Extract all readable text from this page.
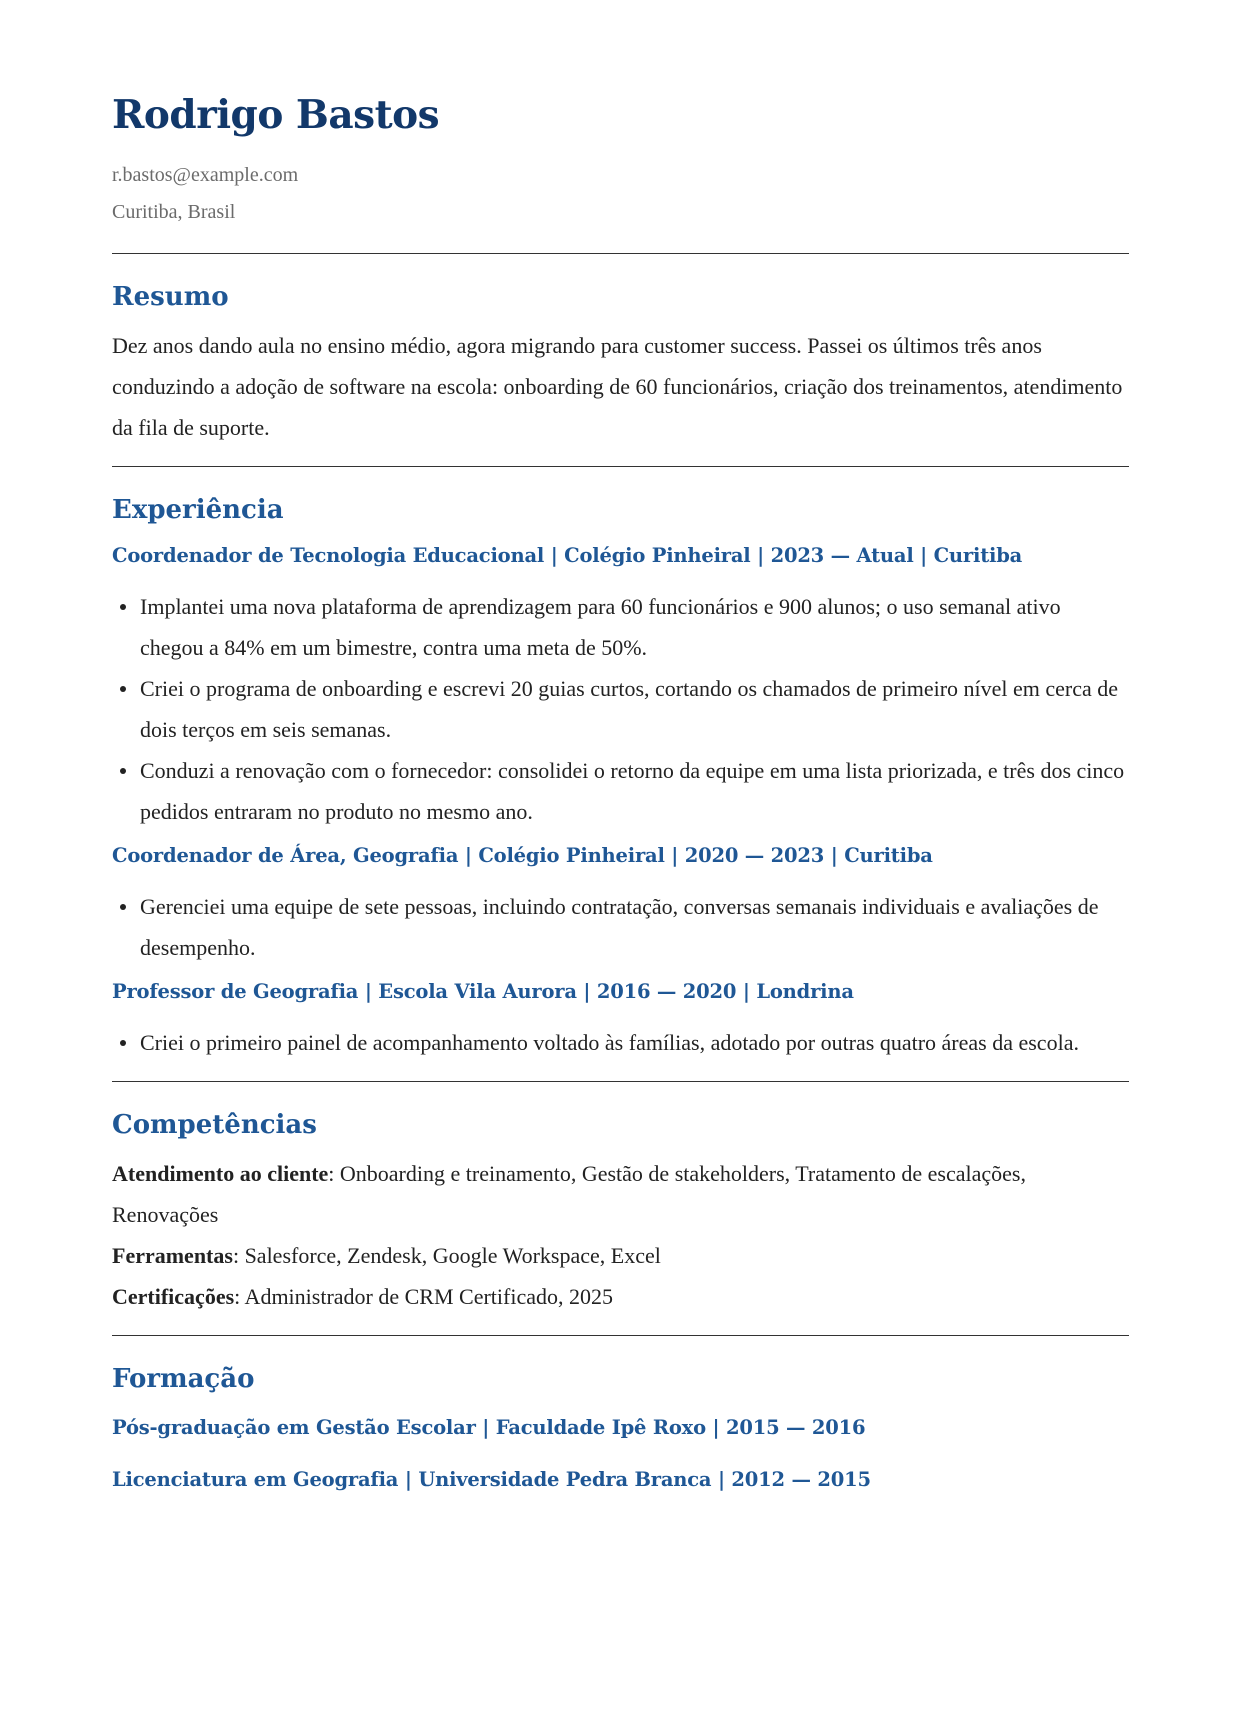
Rodrigo Bastos
r.bastos@example.com
Curitiba, Brasil
Resumo

Dez anos dando aula no ensino médio, agora migrando para customer success. Passei os últimos três anos conduzindo a adoção de software na escola: onboarding de 60 funcionários, criação dos treinamentos, atendimento da fila de suporte.

Experiência
Coordenador de Tecnologia Educacional | Colégio Pinheiral | 2023 — Atual | Curitiba
Implantei uma nova plataforma de aprendizagem para 60 funcionários e 900 alunos; o uso semanal ativo chegou a 84% em um bimestre, contra uma meta de 50%.
Criei o programa de onboarding e escrevi 20 guias curtos, cortando os chamados de primeiro nível em cerca de dois terços em seis semanas.
Conduzi a renovação com o fornecedor: consolidei o retorno da equipe em uma lista priorizada, e três dos cinco pedidos entraram no produto no mesmo ano.
Coordenador de Área, Geografia | Colégio Pinheiral | 2020 — 2023 | Curitiba
Gerenciei uma equipe de sete pessoas, incluindo contratação, conversas semanais individuais e avaliações de desempenho.
Professor de Geografia | Escola Vila Aurora | 2016 — 2020 | Londrina
Criei o primeiro painel de acompanhamento voltado às famílias, adotado por outras quatro áreas da escola.
Competências
Atendimento ao cliente: Onboarding e treinamento, Gestão de stakeholders, Tratamento de escalações, Renovações
Ferramentas: Salesforce, Zendesk, Google Workspace, Excel
Certificações: Administrador de CRM Certificado, 2025
Formação
Pós-graduação em Gestão Escolar | Faculdade Ipê Roxo | 2015 — 2016
Licenciatura em Geografia | Universidade Pedra Branca | 2012 — 2015
